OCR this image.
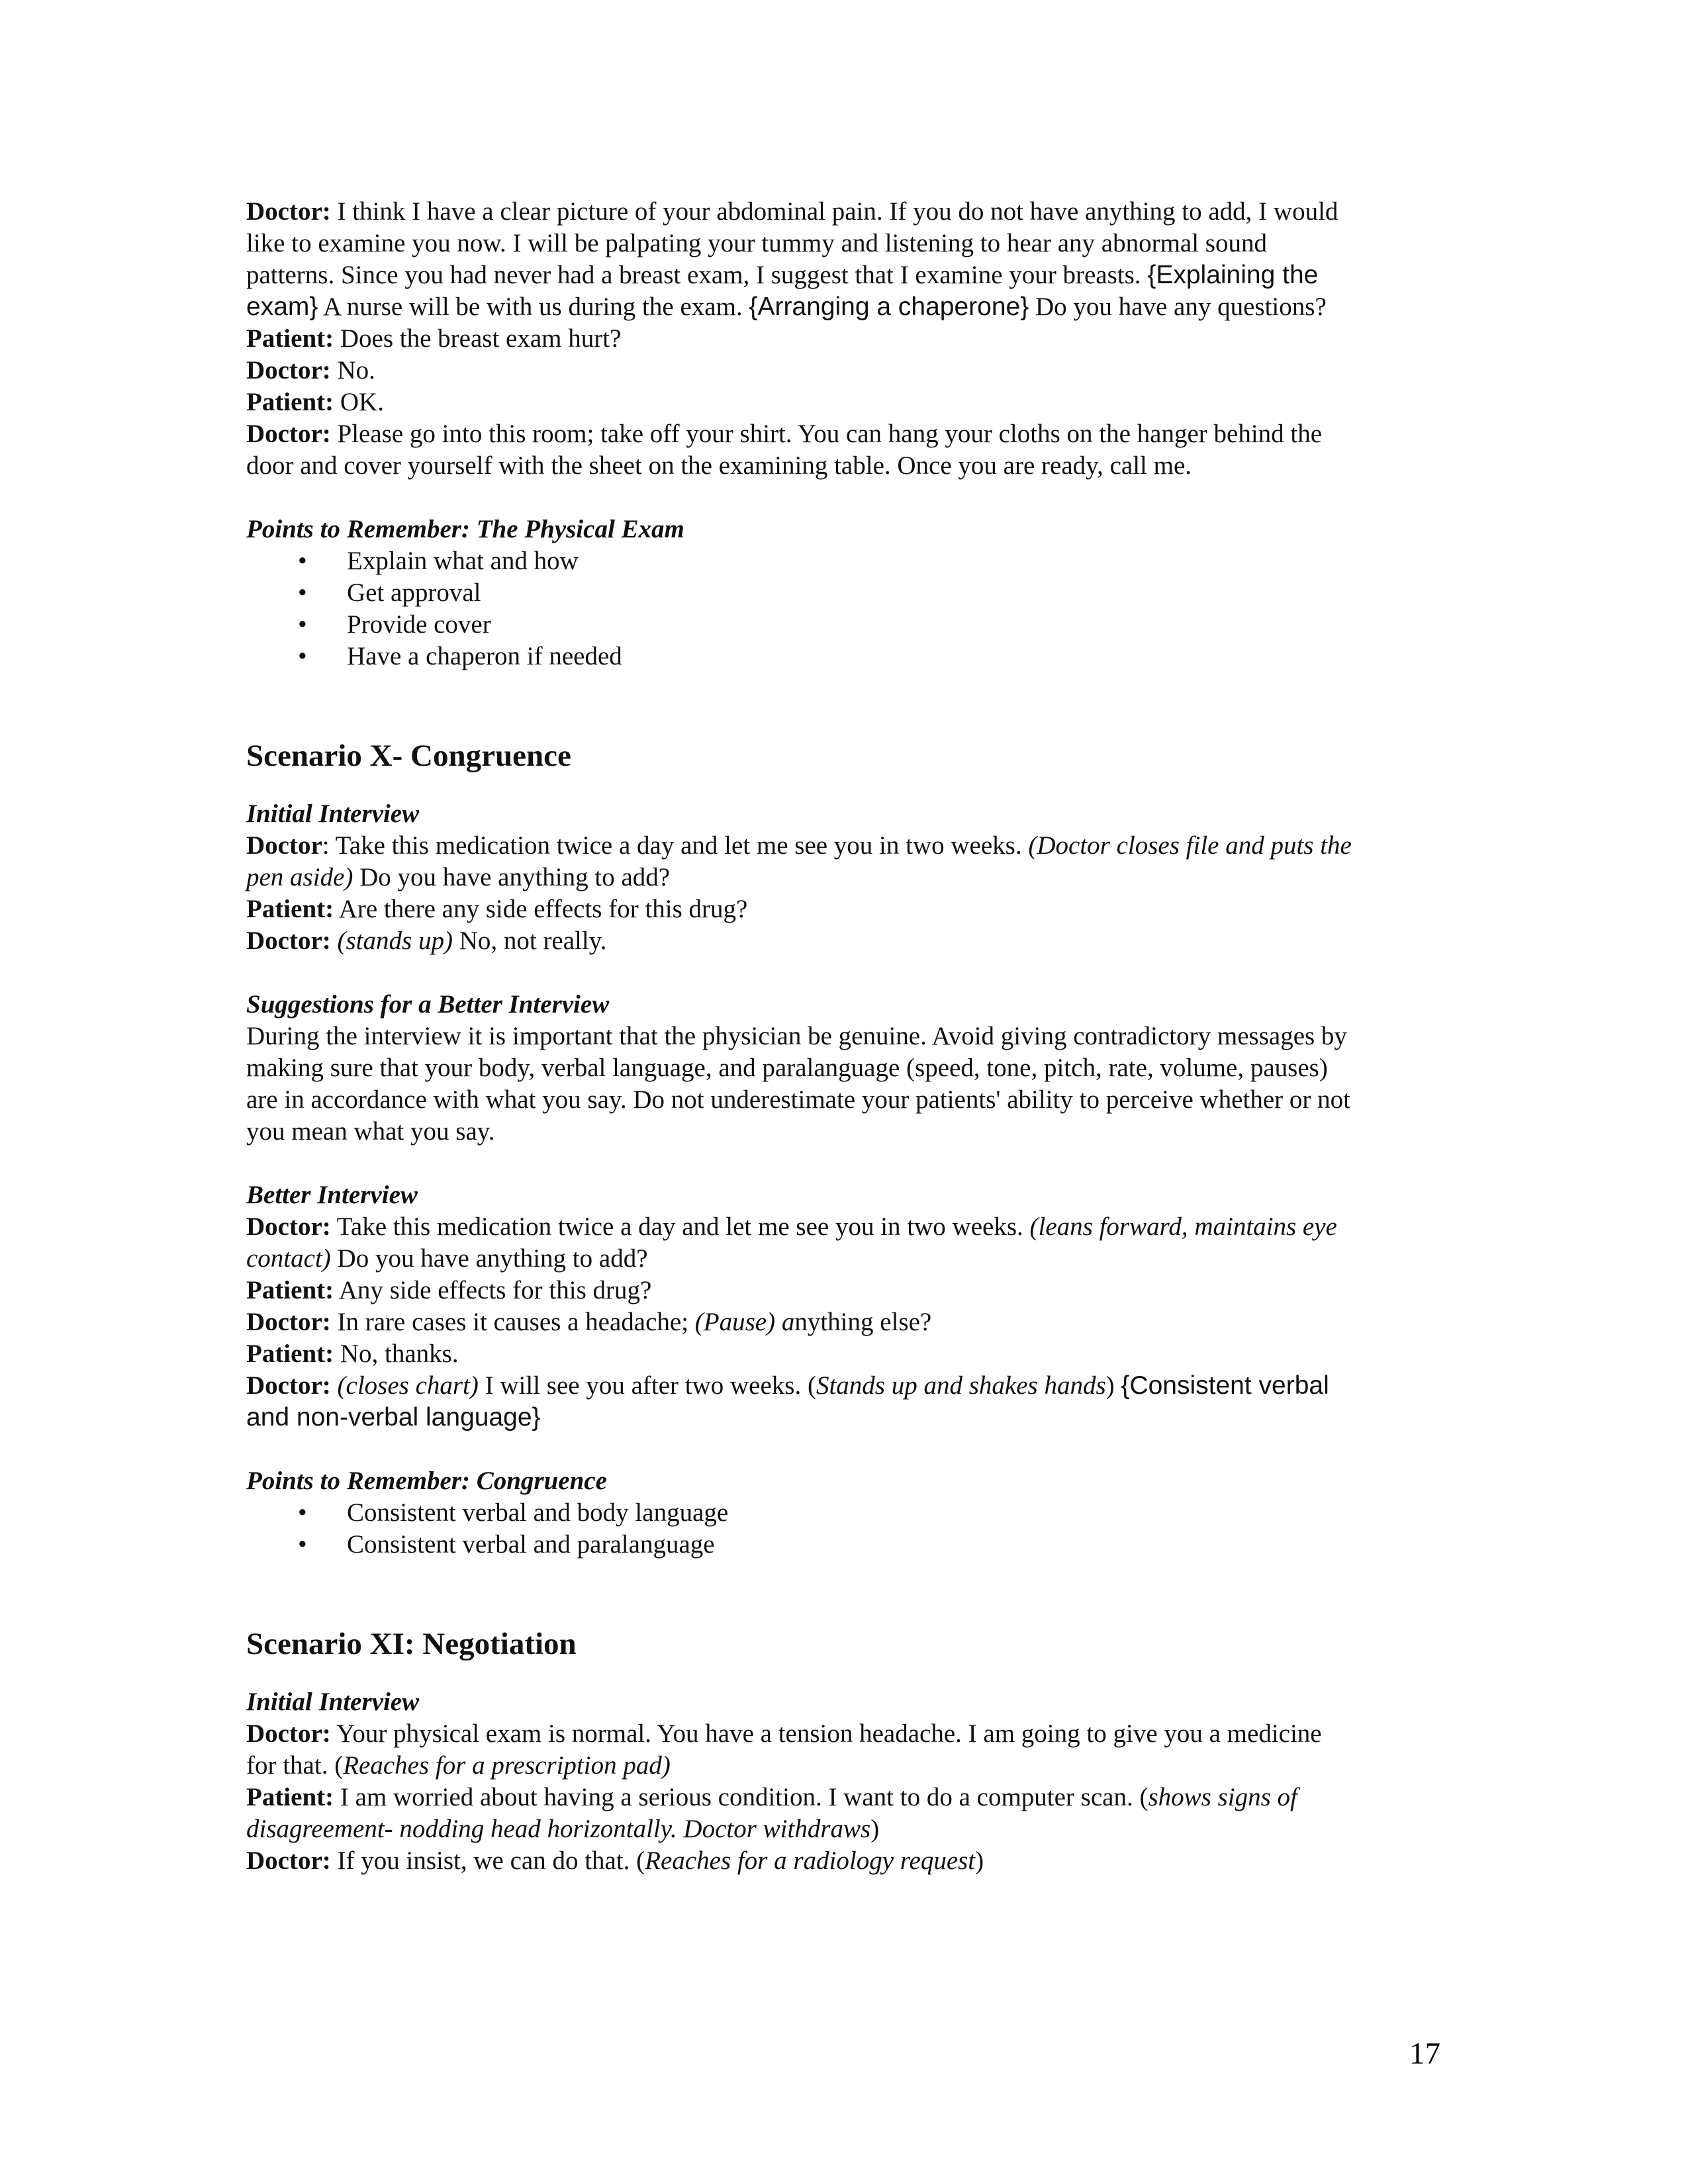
Doctor: I think I have a clear picture of your abdominal pain. If you do not have anything to add, I would
like to examine you now. I will be palpating your tummy and listening to hear any abnormal sound
patterns. Since you had never had a breast exam, I suggest that I examine your breasts. {Explaining the
exam} A nurse will be with us during the exam. {Arranging a chaperone} Do you have any questions?
Patient: Does the breast exam hurt?
Doctor: No.
Patient: OK.
Doctor: Please go into this room; take off your shirt. You can hang your cloths on the hanger behind the
door and cover yourself with the sheet on the examining table. Once you are ready, call me.
Points to Remember: The Physical Exam
• Explain what and how
• Get approval
• Provide cover
• Have a chaperon if needed
Scenario X- Congruence
Initial Interview
Doctor: Take this medication twice a day and let me see you in two weeks. (Doctor closes file and puts the
pen aside) Do you have anything to add?
Patient: Are there any side effects for this drug?
Doctor: (stands up) No, not really.
Suggestions for a Better Interview
During the interview it is important that the physician be genuine. Avoid giving contradictory messages by
making sure that your body, verbal language, and paralanguage (speed, tone, pitch, rate, volume, pauses)
are in accordance with what you say. Do not underestimate your patients' ability to perceive whether or not
you mean what you say.
Better Interview
Doctor: Take this medication twice a day and let me see you in two weeks. (leans forward, maintains eye
contact) Do you have anything to add?
Patient: Any side effects for this drug?
Doctor: In rare cases it causes a headache; (Pause) anything else?
Patient: No, thanks.
Doctor: (closes chart) I will see you after two weeks. (Stands up and shakes hands) {Consistent verbal
and non-verbal language}
Points to Remember: Congruence
• Consistent verbal and body language
• Consistent verbal and paralanguage
Scenario XI: Negotiation
Initial Interview
Doctor: Your physical exam is normal. You have a tension headache. I am going to give you a medicine
for that. (Reaches for a prescription pad)
Patient: I am worried about having a serious condition. I want to do a computer scan. (shows signs of
disagreement- nodding head horizontally. Doctor withdraws)
Doctor: If you insist, we can do that. (Reaches for a radiology request)
17
